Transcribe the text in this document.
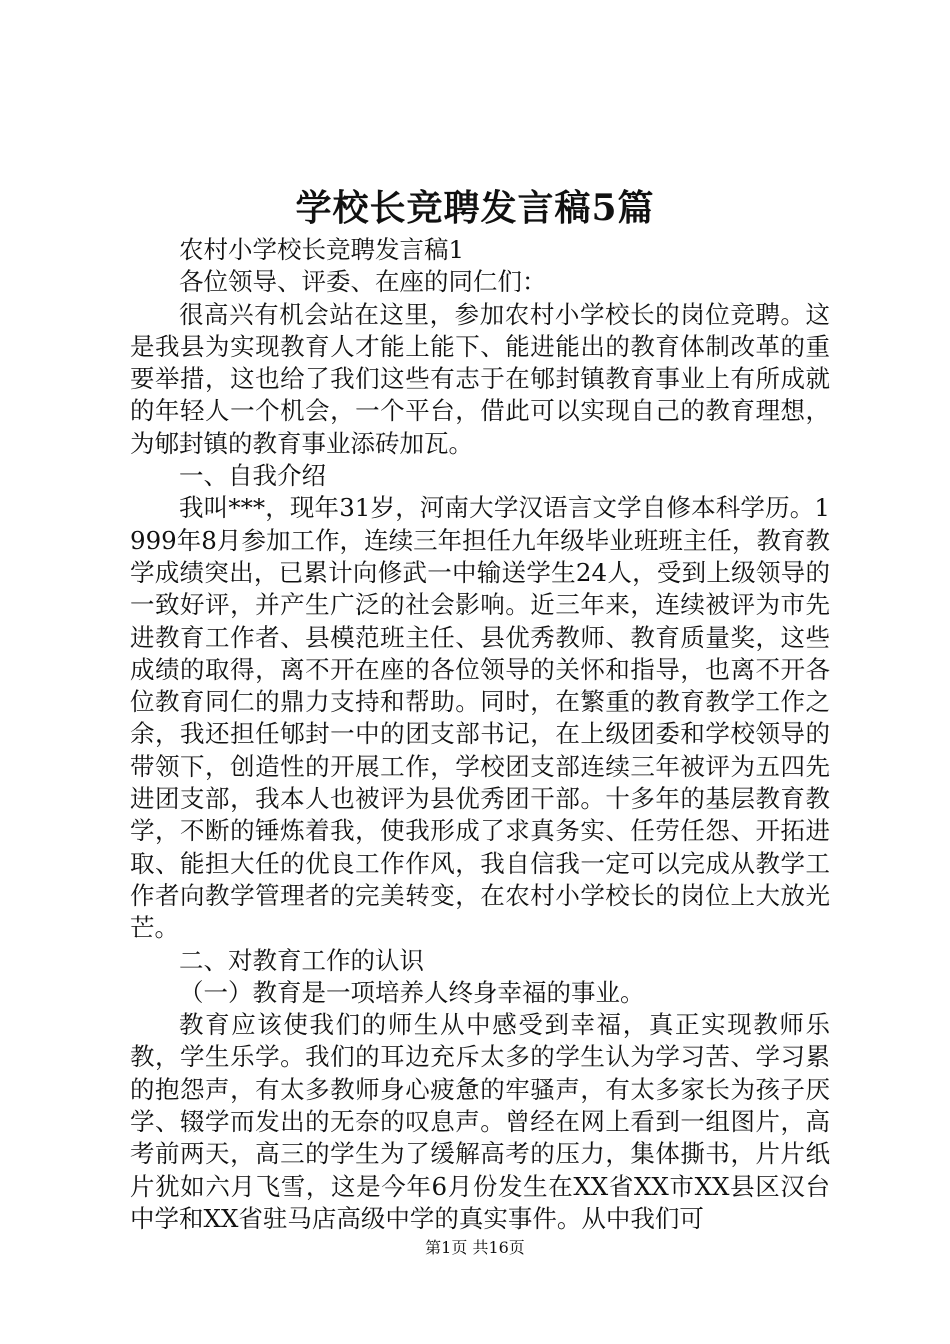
学校长竞聘发言稿5篇

农村小学校长竞聘发言稿1

各位领导、评委、在座的同仁们：

很高兴有机会站在这里，参加农村小学校长的岗位竞聘。这是我县为实现教育人才能上能下、能进能出的教育体制改革的重要举措，这也给了我们这些有志于在郇封镇教育事业上有所成就的年轻人一个机会，一个平台，借此可以实现自己的教育理想，为郇封镇的教育事业添砖加瓦。

一、自我介绍

我叫***，现年31岁，河南大学汉语言文学自修本科学历。1999年8月参加工作，连续三年担任九年级毕业班班主任，教育教学成绩突出，已累计向修武一中输送学生24人，受到上级领导的一致好评，并产生广泛的社会影响。近三年来，连续被评为市先进教育工作者、县模范班主任、县优秀教师、教育质量奖，这些成绩的取得，离不开在座的各位领导的关怀和指导，也离不开各位教育同仁的鼎力支持和帮助。同时，在繁重的教育教学工作之余，我还担任郇封一中的团支部书记，在上级团委和学校领导的带领下，创造性的开展工作，学校团支部连续三年被评为五四先进团支部，我本人也被评为县优秀团干部。十多年的基层教育教学，不断的锤炼着我，使我形成了求真务实、任劳任怨、开拓进取、能担大任的优良工作作风，我自信我一定可以完成从教学工作者向教学管理者的完美转变，在农村小学校长的岗位上大放光芒。

二、对教育工作的认识

（一）教育是一项培养人终身幸福的事业。

教育应该使我们的师生从中感受到幸福，真正实现教师乐教，学生乐学。我们的耳边充斥太多的学生认为学习苦、学习累的抱怨声，有太多教师身心疲惫的牢骚声，有太多家长为孩子厌学、辍学而发出的无奈的叹息声。曾经在网上看到一组图片，高考前两天，高三的学生为了缓解高考的压力，集体撕书，片片纸片犹如六月飞雪，这是今年6月份发生在XX省XX市XX县区汉台中学和XX省驻马店高级中学的真实事件。从中我们可

第1页 共16页
